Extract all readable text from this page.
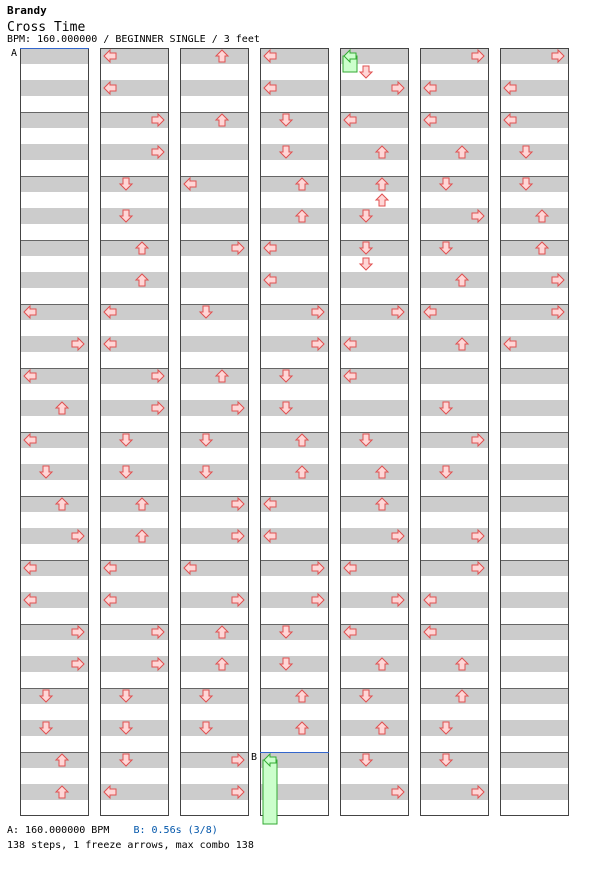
Brandy
Cross Time
BPM: 160.000000 / BEGINNER SINGLE / 3 feet
A
B
A: 160.000000 BPM B: 0.56s (3/8)
138 steps, 1 freeze arrows, max combo 138
